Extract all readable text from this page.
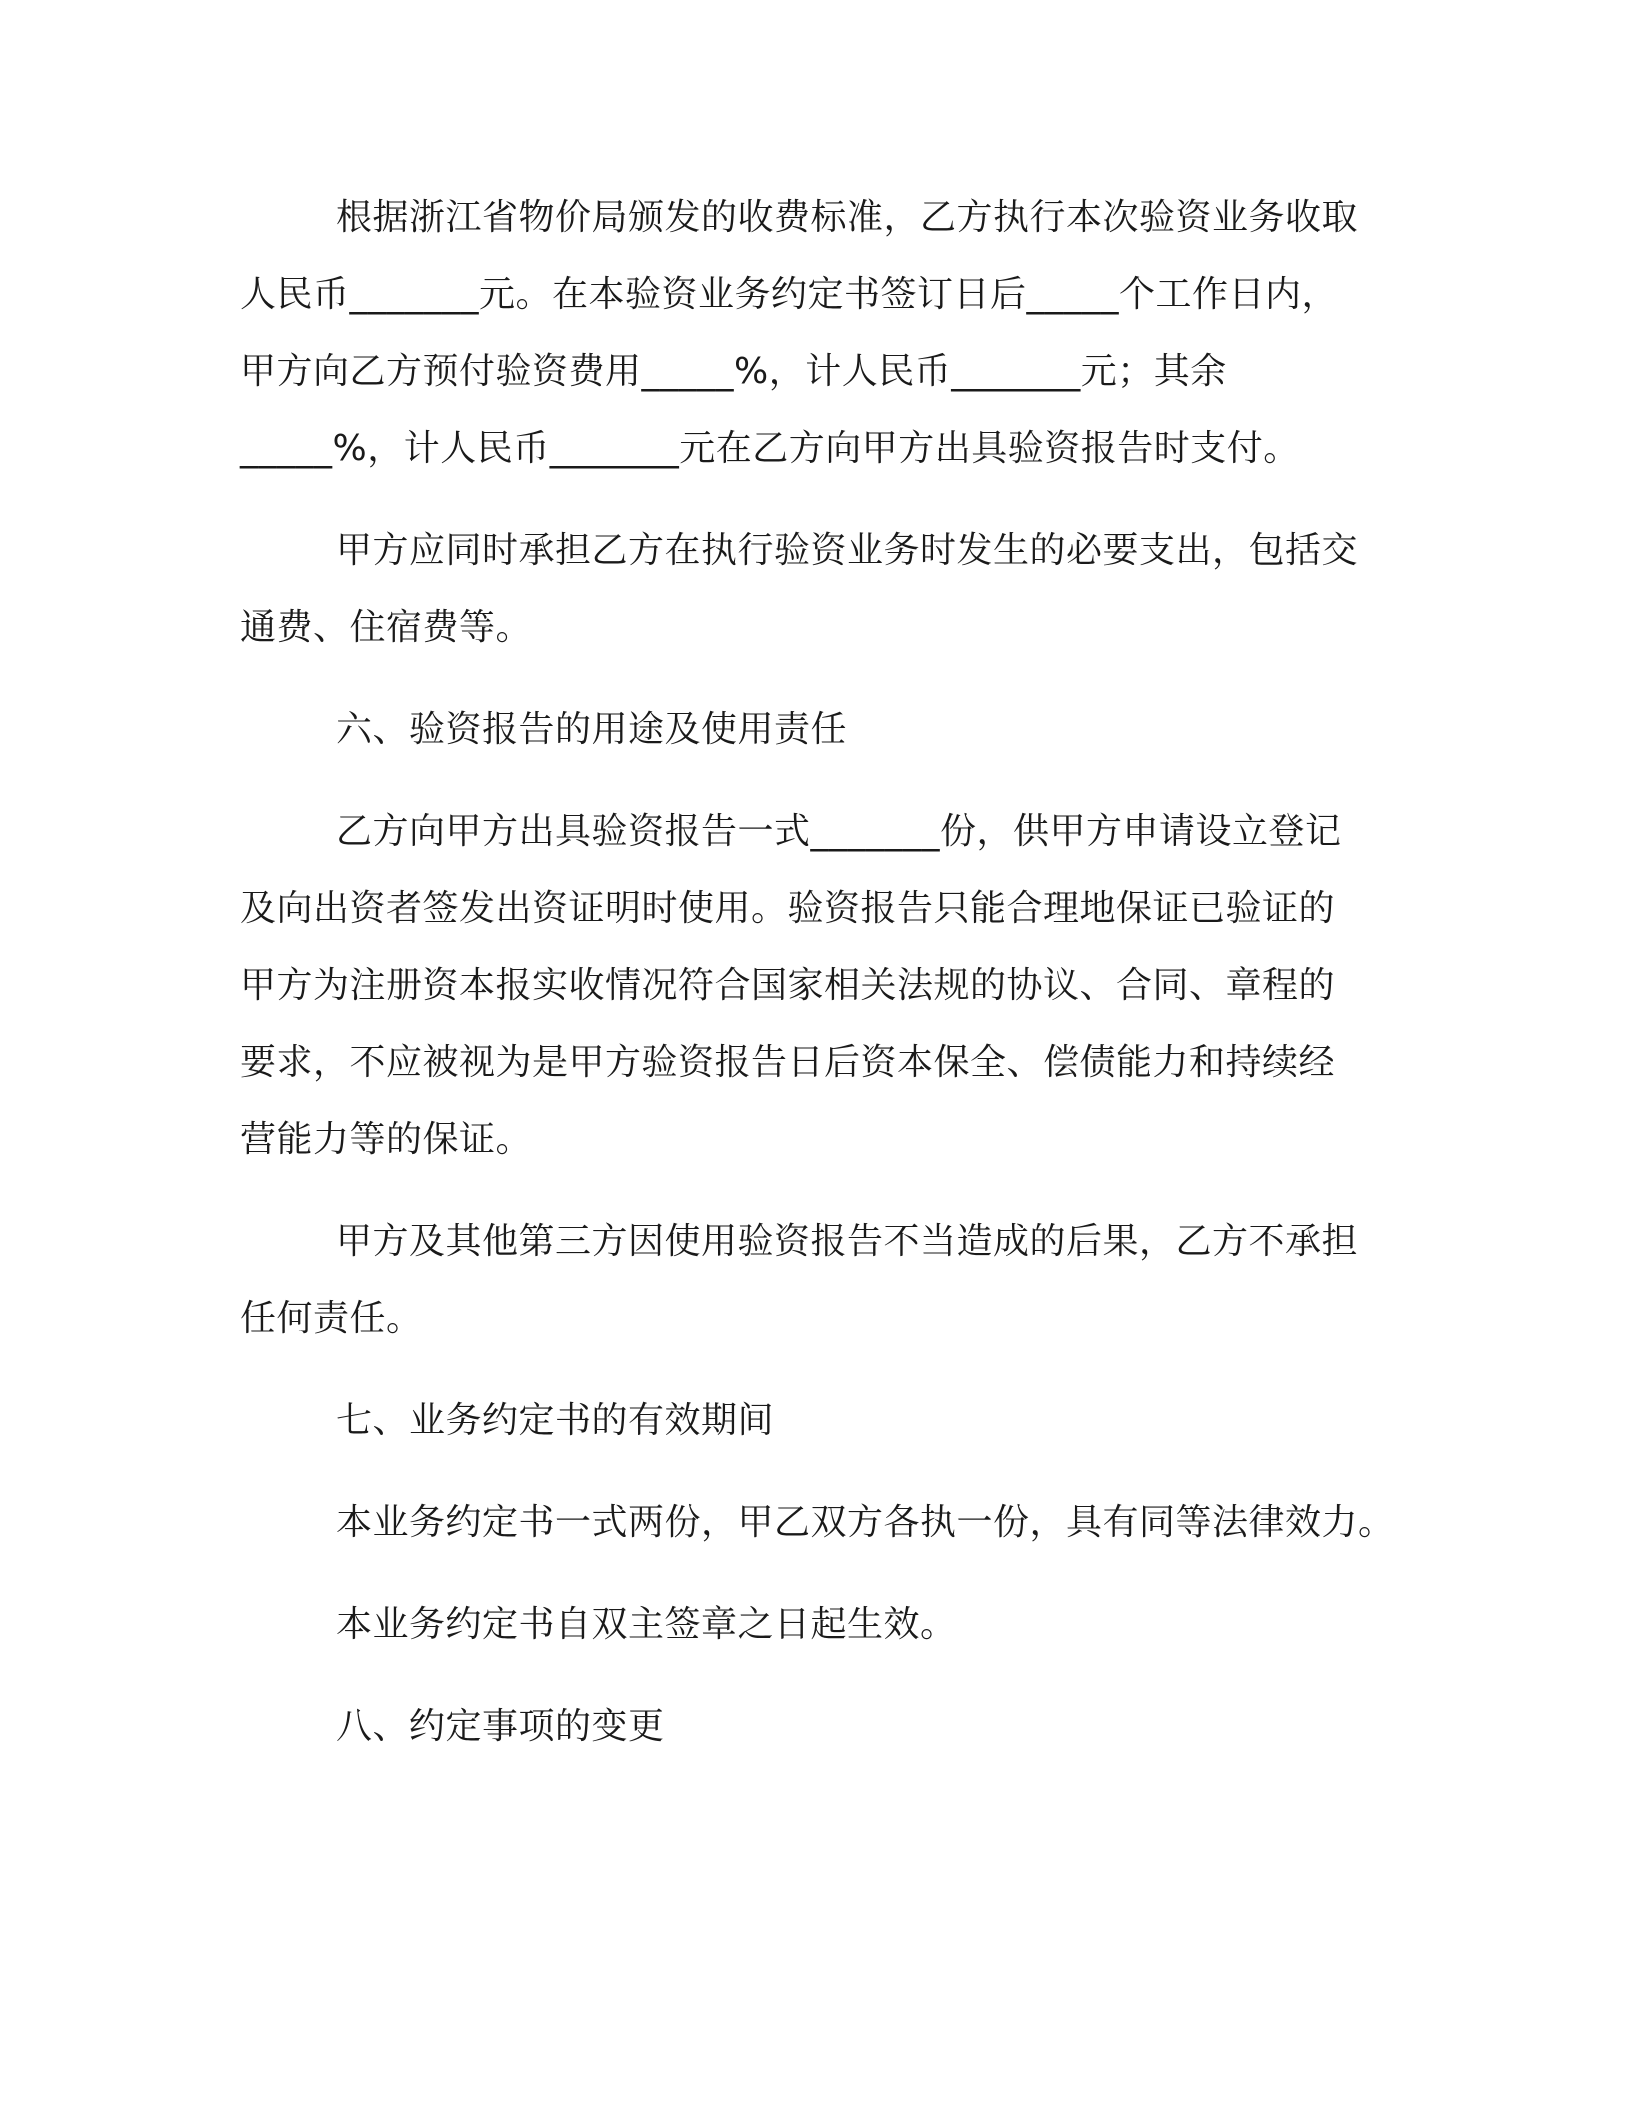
根据浙江省物价局颁发的收费标准，乙方执行本次验资业务收取
人民币_______元。在本验资业务约定书签订日后_____个工作日内，
甲方向乙方预付验资费用_____%，计人民币_______元；其余
_____%，计人民币_______元在乙方向甲方出具验资报告时支付。
甲方应同时承担乙方在执行验资业务时发生的必要支出，包括交
通费、住宿费等。
六、验资报告的用途及使用责任
乙方向甲方出具验资报告一式_______份，供甲方申请设立登记
及向出资者签发出资证明时使用。验资报告只能合理地保证已验证的
甲方为注册资本报实收情况符合国家相关法规的协议、合同、章程的
要求，不应被视为是甲方验资报告日后资本保全、偿债能力和持续经
营能力等的保证。
甲方及其他第三方因使用验资报告不当造成的后果，乙方不承担
任何责任。
七、业务约定书的有效期间
本业务约定书一式两份，甲乙双方各执一份，具有同等法律效力。
本业务约定书自双主签章之日起生效。
八、约定事项的变更
